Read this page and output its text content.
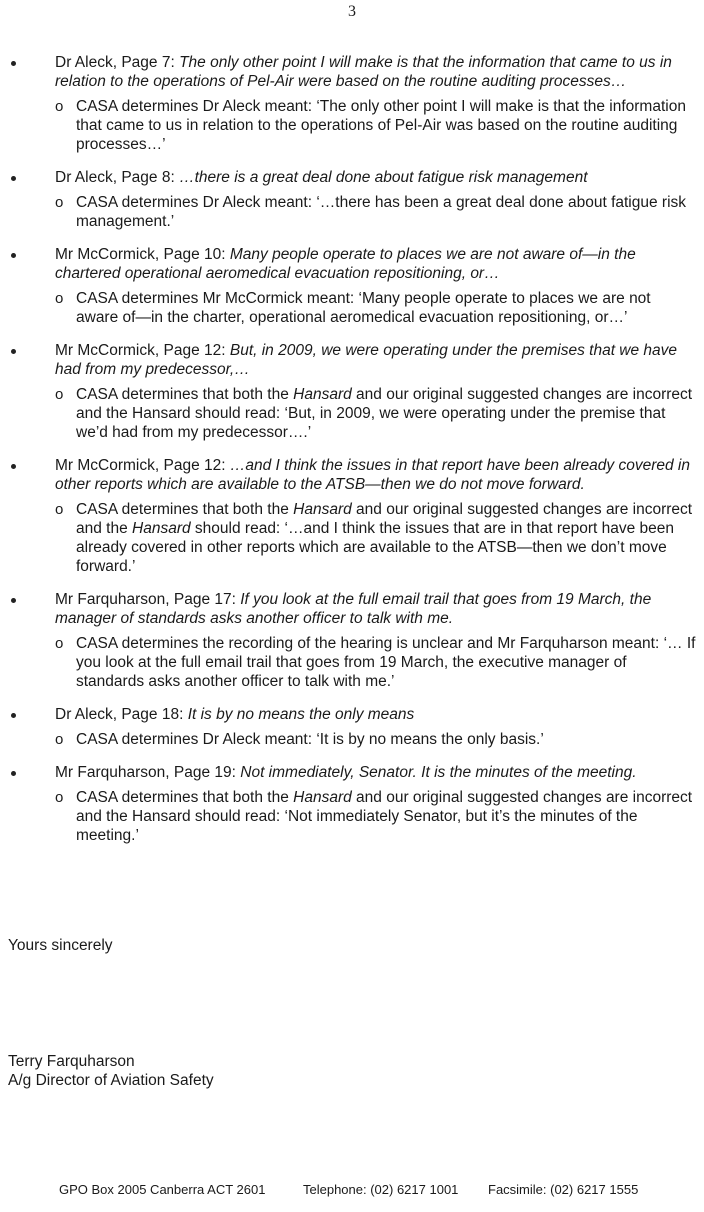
3
Dr Aleck, Page 7: The only other point I will make is that the information that came to us in relation to the operations of Pel-Air were based on the routine auditing processes…
o CASA determines Dr Aleck meant: ‘The only other point I will make is that the information that came to us in relation to the operations of Pel-Air was based on the routine auditing processes…’
Dr Aleck, Page 8: …there is a great deal done about fatigue risk management
o CASA determines Dr Aleck meant: ‘…there has been a great deal done about fatigue risk management.’
Mr McCormick, Page 10: Many people operate to places we are not aware of—in the chartered operational aeromedical evacuation repositioning, or…
o CASA determines Mr McCormick meant: ‘Many people operate to places we are not aware of—in the charter, operational aeromedical evacuation repositioning, or…’
Mr McCormick, Page 12: But, in 2009, we were operating under the premises that we have had from my predecessor,…
o CASA determines that both the Hansard and our original suggested changes are incorrect and the Hansard should read: ‘But, in 2009, we were operating under the premise that we’d had from my predecessor….’
Mr McCormick, Page 12: …and I think the issues in that report have been already covered in other reports which are available to the ATSB—then we do not move forward.
o CASA determines that both the Hansard and our original suggested changes are incorrect and the Hansard should read: ‘…and I think the issues that are in that report have been already covered in other reports which are available to the ATSB—then we don’t move forward.’
Mr Farquharson, Page 17: If you look at the full email trail that goes from 19 March, the manager of standards asks another officer to talk with me.
o CASA determines the recording of the hearing is unclear and Mr Farquharson meant: ‘… If you look at the full email trail that goes from 19 March, the executive manager of standards asks another officer to talk with me.’
Dr Aleck, Page 18: It is by no means the only means
o CASA determines Dr Aleck meant: ‘It is by no means the only basis.’
Mr Farquharson, Page 19: Not immediately, Senator. It is the minutes of the meeting.
o CASA determines that both the Hansard and our original suggested changes are incorrect and the Hansard should read: ‘Not immediately Senator, but it’s the minutes of the meeting.’
Yours sincerely
Terry Farquharson
A/g Director of Aviation Safety
GPO Box 2005 Canberra ACT 2601	Telephone: (02) 6217 1001 Facsimile: (02) 6217 1555
